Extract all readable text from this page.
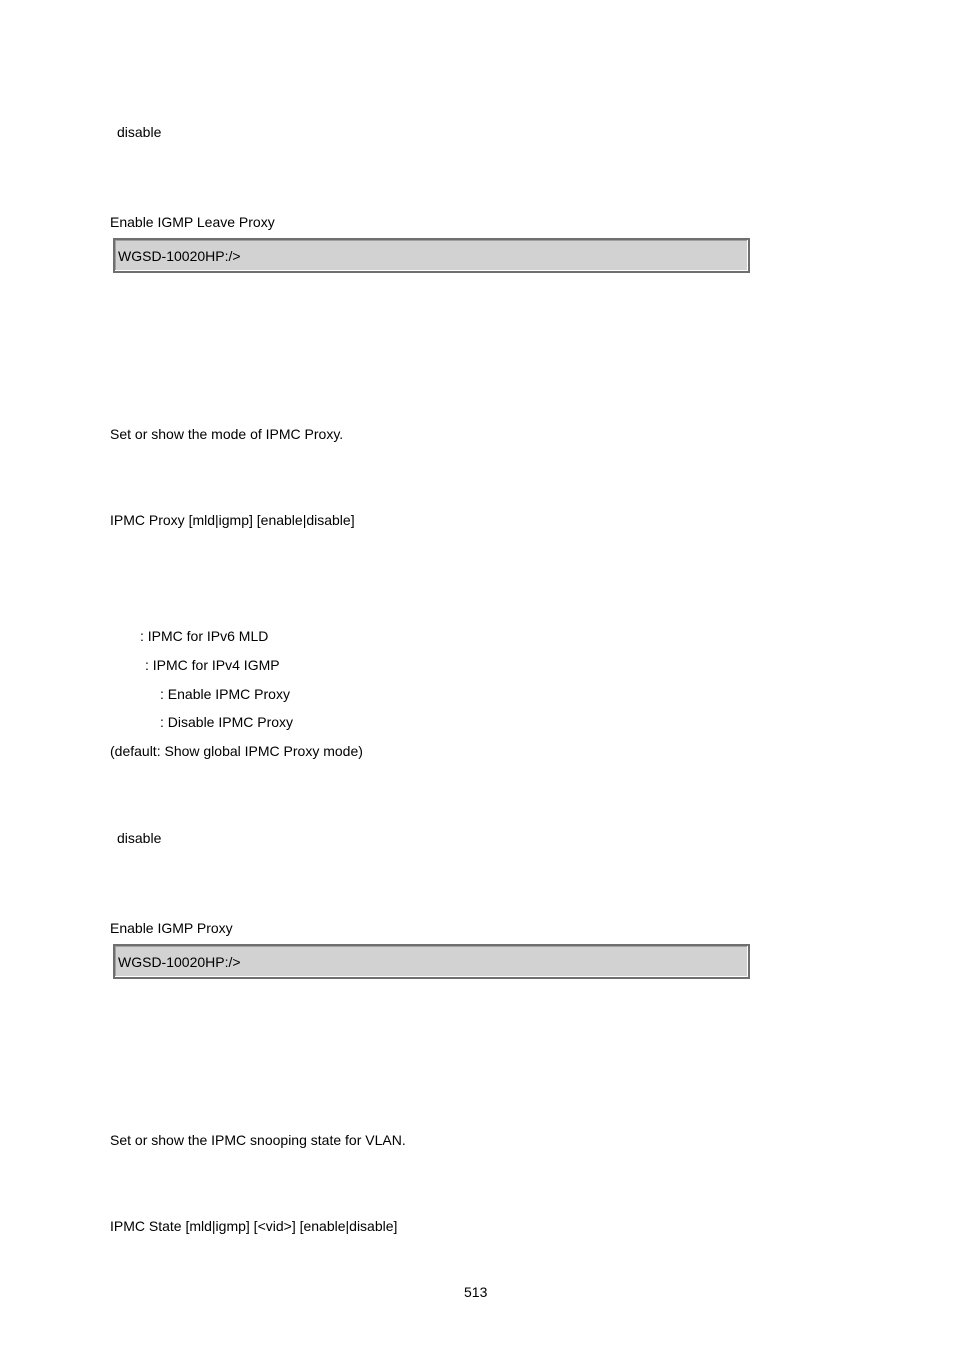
disable
Enable IGMP Leave Proxy
WGSD-10020HP:/>
Set or show the mode of IPMC Proxy.
IPMC Proxy [mld|igmp] [enable|disable]
: IPMC for IPv6 MLD
: IPMC for IPv4 IGMP
: Enable IPMC Proxy
: Disable IPMC Proxy
(default: Show global IPMC Proxy mode)
disable
Enable IGMP Proxy
WGSD-10020HP:/>
Set or show the IPMC snooping state for VLAN.
IPMC State [mld|igmp] [<vid>] [enable|disable]
513
